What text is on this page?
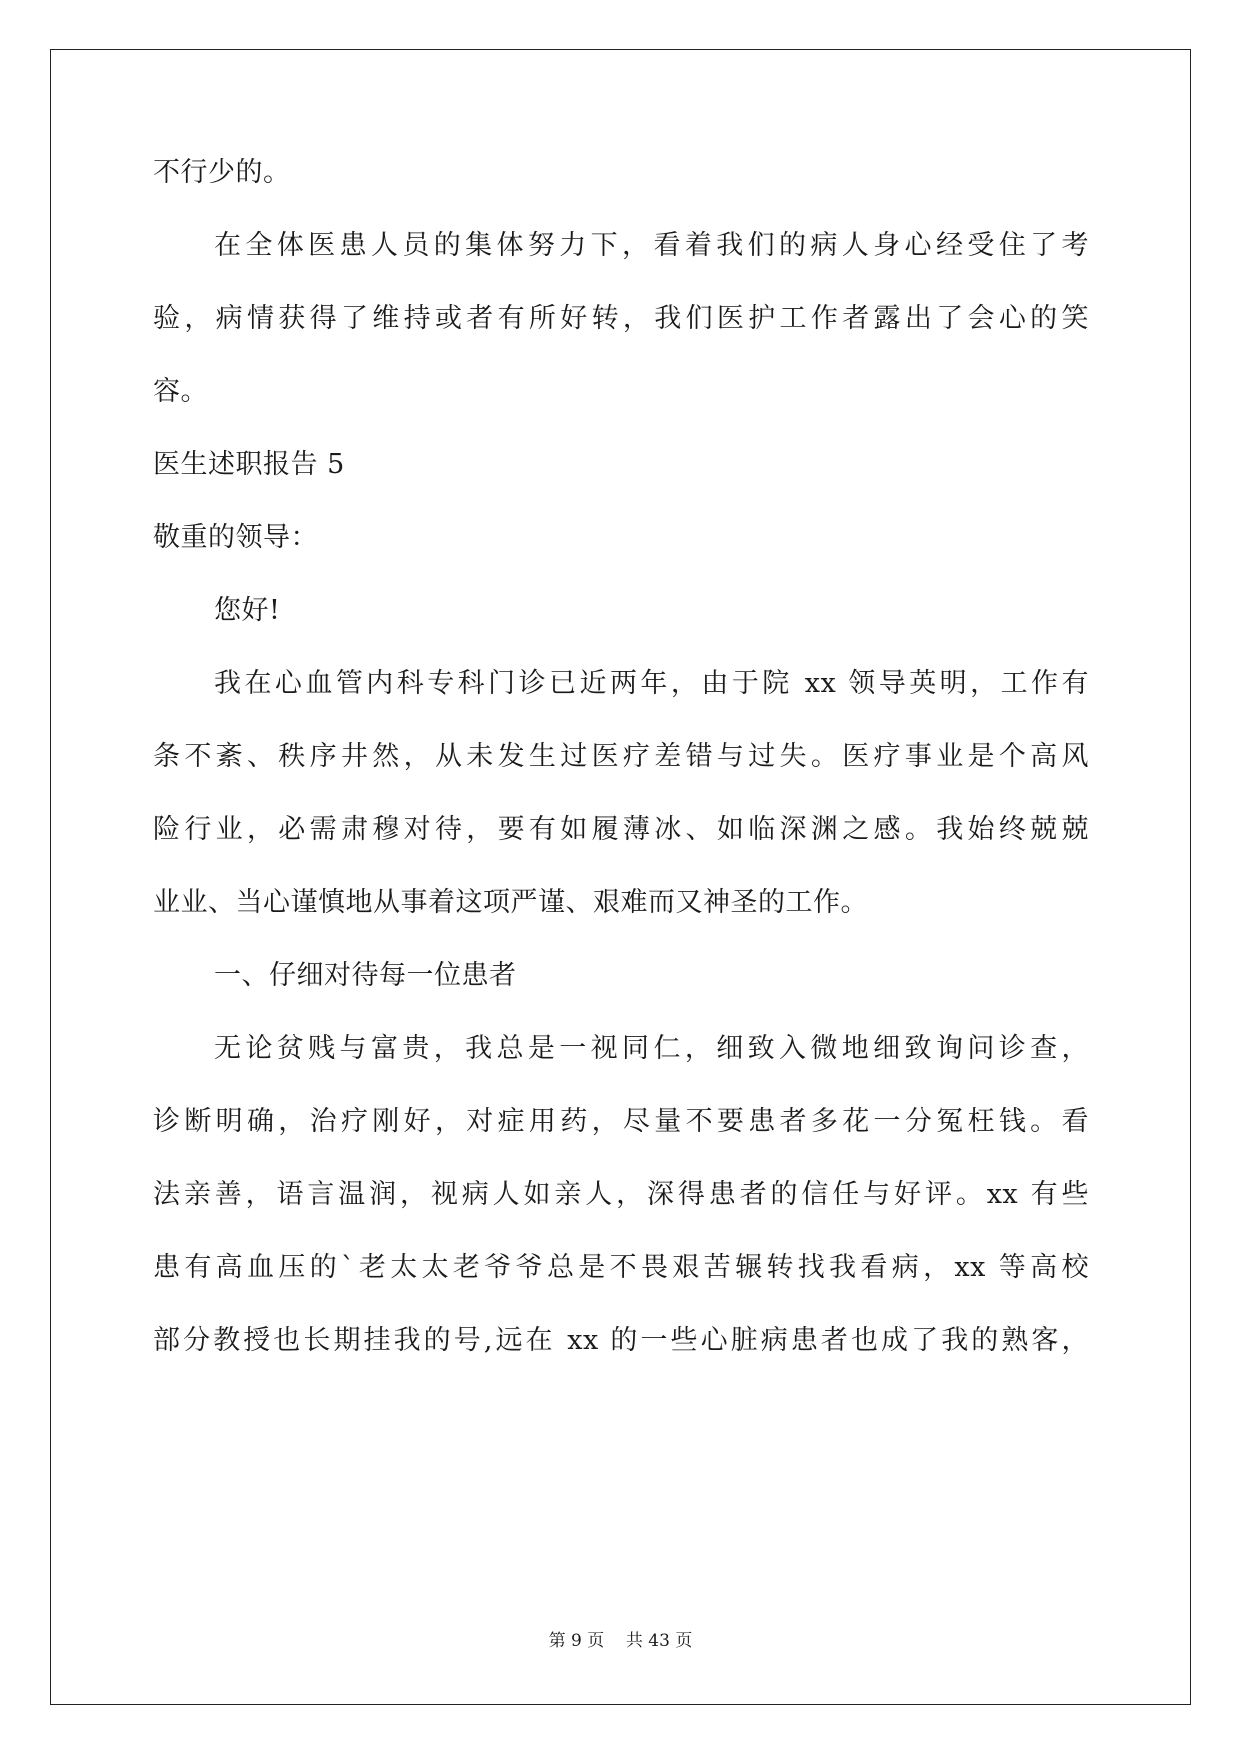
不行少的。
在全体医患人员的集体努力下，看着我们的病人身心经受住了考
验，病情获得了维持或者有所好转，我们医护工作者露出了会心的笑
容。
医生述职报告 5
敬重的领导：
您好!
我在心血管内科专科门诊已近两年，由于院 xx 领导英明，工作有
条不紊、秩序井然，从未发生过医疗差错与过失。医疗事业是个高风
险行业，必需肃穆对待，要有如履薄冰、如临深渊之感。我始终兢兢
业业、当心谨慎地从事着这项严谨、艰难而又神圣的工作。
一、仔细对待每一位患者
无论贫贱与富贵，我总是一视同仁，细致入微地细致询问诊查，
诊断明确，治疗刚好，对症用药，尽量不要患者多花一分冤枉钱。看
法亲善，语言温润，视病人如亲人，深得患者的信任与好评。xx 有些
患有高血压的`老太太老爷爷总是不畏艰苦辗转找我看病，xx 等高校
部分教授也长期挂我的号,远在 xx 的一些心脏病患者也成了我的熟客，
第 9 页    共 43 页
